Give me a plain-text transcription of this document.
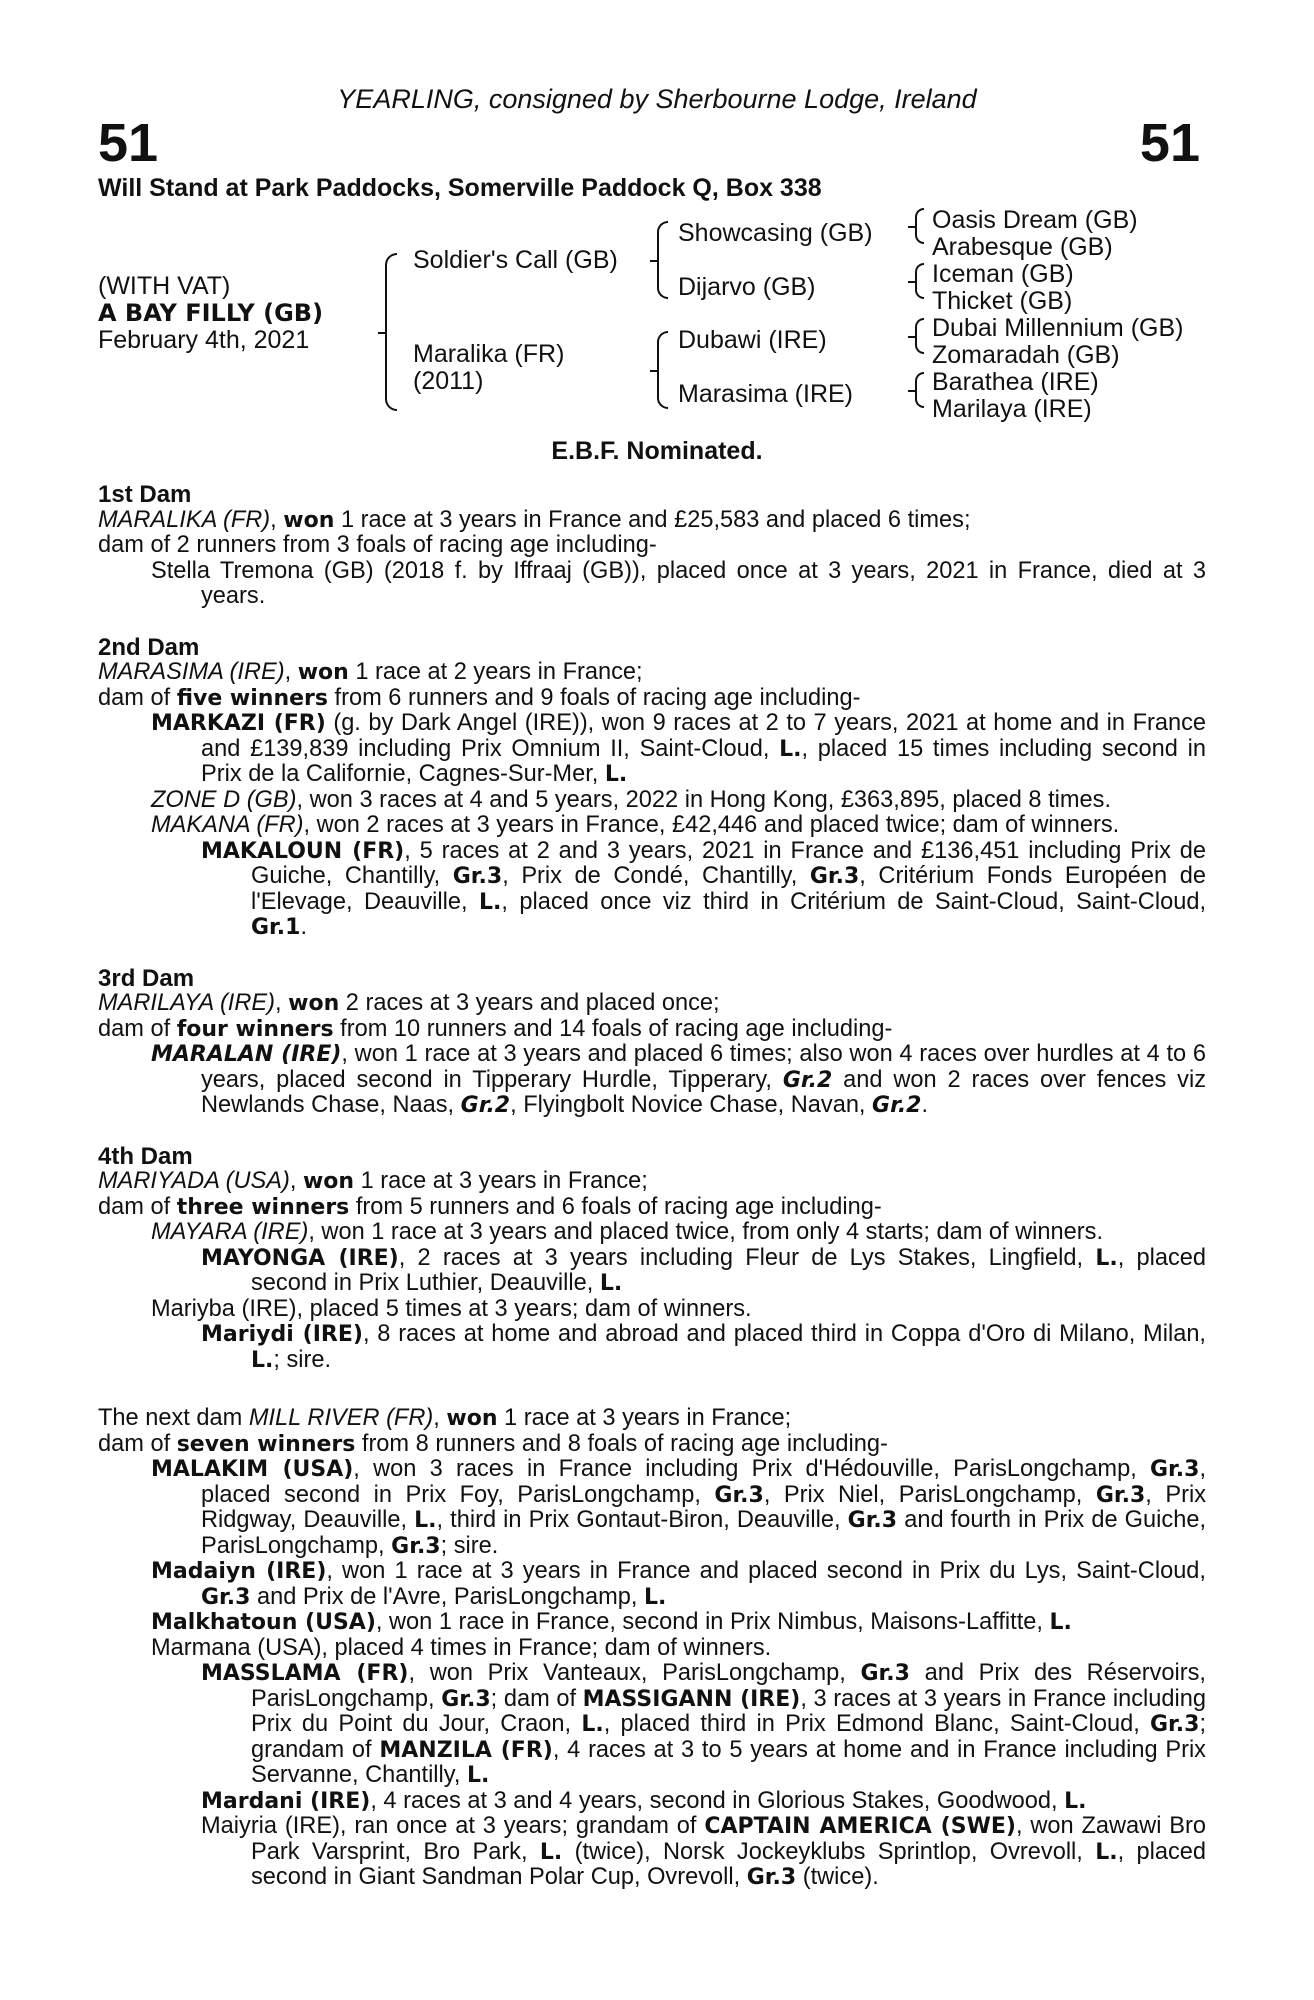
51	51
YEARLING, consigned by Sherbourne Lodge, Ireland
Will Stand at Park Paddocks, Somerville Paddock Q, Box 338
(WITH VAT)
A BAY FILLY (GB)
February 4th, 2021
Soldier's Call (GB)
Maralika (FR)
(2011)
Showcasing (GB)
Dijarvo (GB)
Dubawi (IRE)
Marasima (IRE)
Oasis Dream (GB)
Arabesque (GB)
Iceman (GB)
Thicket (GB)
Dubai Millennium (GB)
Zomaradah (GB)
Barathea (IRE)
Marilaya (IRE)
E.B.F. Nominated.

1st Dam

MARALIKA (FR), won 1 race at 3 years in France and £25,583 and placed 6 times;

dam of 2 runners from 3 foals of racing age including-

Stella Tremona (GB) (2018 f. by Iffraaj (GB)), placed once at 3 years, 2021 in France, died at 3 years.

2nd Dam

MARASIMA (IRE), won 1 race at 2 years in France;

dam of five winners from 6 runners and 9 foals of racing age including-

MARKAZI (FR) (g. by Dark Angel (IRE)), won 9 races at 2 to 7 years, 2021 at home and in France and £139,839 including Prix Omnium II, Saint-Cloud, L., placed 15 times including second in Prix de la Californie, Cagnes-Sur-Mer, L.

ZONE D (GB), won 3 races at 4 and 5 years, 2022 in Hong Kong, £363,895, placed 8 times.

MAKANA (FR), won 2 races at 3 years in France, £42,446 and placed twice; dam of winners.

MAKALOUN (FR), 5 races at 2 and 3 years, 2021 in France and £136,451 including Prix de Guiche, Chantilly, Gr.3, Prix de Condé, Chantilly, Gr.3, Critérium Fonds Européen de l'Elevage, Deauville, L., placed once viz third in Critérium de Saint-Cloud, Saint-Cloud, Gr.1.

3rd Dam

MARILAYA (IRE), won 2 races at 3 years and placed once;

dam of four winners from 10 runners and 14 foals of racing age including-

MARALAN (IRE), won 1 race at 3 years and placed 6 times; also won 4 races over hurdles at 4 to 6 years, placed second in Tipperary Hurdle, Tipperary, Gr.2 and won 2 races over fences viz Newlands Chase, Naas, Gr.2, Flyingbolt Novice Chase, Navan, Gr.2.

4th Dam

MARIYADA (USA), won 1 race at 3 years in France;

dam of three winners from 5 runners and 6 foals of racing age including-

MAYARA (IRE), won 1 race at 3 years and placed twice, from only 4 starts; dam of winners.

MAYONGA (IRE), 2 races at 3 years including Fleur de Lys Stakes, Lingfield, L., placed second in Prix Luthier, Deauville, L.

Mariyba (IRE), placed 5 times at 3 years; dam of winners.

Mariydi (IRE), 8 races at home and abroad and placed third in Coppa d'Oro di Milano, Milan, L.; sire.

The next dam MILL RIVER (FR), won 1 race at 3 years in France;

dam of seven winners from 8 runners and 8 foals of racing age including-

MALAKIM (USA), won 3 races in France including Prix d'Hédouville, ParisLongchamp, Gr.3, placed second in Prix Foy, ParisLongchamp, Gr.3, Prix Niel, ParisLongchamp, Gr.3, Prix Ridgway, Deauville, L., third in Prix Gontaut-Biron, Deauville, Gr.3 and fourth in Prix de Guiche, ParisLongchamp, Gr.3; sire.

Madaiyn (IRE), won 1 race at 3 years in France and placed second in Prix du Lys, Saint-Cloud, Gr.3 and Prix de l'Avre, ParisLongchamp, L.

Malkhatoun (USA), won 1 race in France, second in Prix Nimbus, Maisons-Laffitte, L.

Marmana (USA), placed 4 times in France; dam of winners.

MASSLAMA (FR), won Prix Vanteaux, ParisLongchamp, Gr.3 and Prix des Réservoirs, ParisLongchamp, Gr.3; dam of MASSIGANN (IRE), 3 races at 3 years in France including Prix du Point du Jour, Craon, L., placed third in Prix Edmond Blanc, Saint-Cloud, Gr.3; grandam of MANZILA (FR), 4 races at 3 to 5 years at home and in France including Prix Servanne, Chantilly, L.

Mardani (IRE), 4 races at 3 and 4 years, second in Glorious Stakes, Goodwood, L.

Maiyria (IRE), ran once at 3 years; grandam of CAPTAIN AMERICA (SWE), won Zawawi Bro Park Varsprint, Bro Park, L. (twice), Norsk Jockeyklubs Sprintlop, Ovrevoll, L., placed second in Giant Sandman Polar Cup, Ovrevoll, Gr.3 (twice).
